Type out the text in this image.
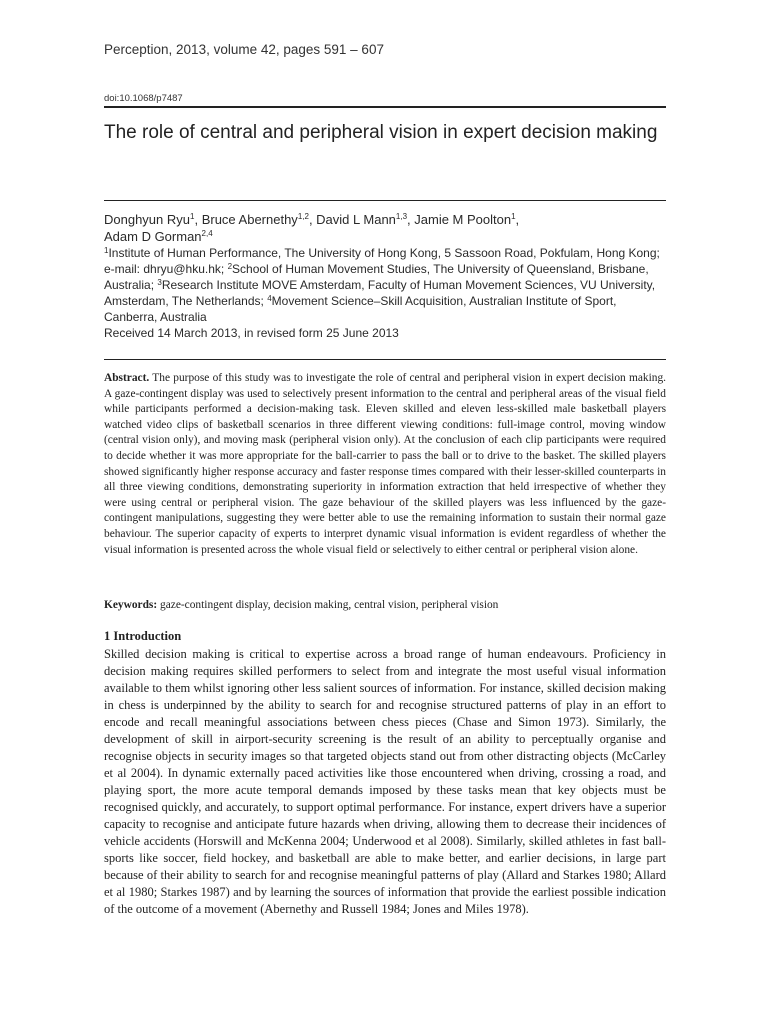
Perception, 2013, volume 42, pages 591 – 607
doi:10.1068/p7487
The role of central and peripheral vision in expert decision making
Donghyun Ryu$^1$, Bruce Abernethy$^{1,2}$, David L Mann$^{1,3}$, Jamie M Poolton$^1$,
Adam D Gorman$^{2,4}$
$^1$Institute of Human Performance, The University of Hong Kong, 5 Sassoon Road, Pokfulam, Hong Kong; e-mail: dhryu@hku.hk; $^2$School of Human Movement Studies, The University of Queensland, Brisbane, Australia; $^3$Research Institute MOVE Amsterdam, Faculty of Human Movement Sciences, VU University, Amsterdam, The Netherlands; $^4$Movement Science–Skill Acquisition, Australian Institute of Sport, Canberra, Australia
Received 14 March 2013, in revised form 25 June 2013

Abstract. The purpose of this study was to investigate the role of central and peripheral vision in expert decision making. A gaze-contingent display was used to selectively present information to the central and peripheral areas of the visual field while participants performed a decision-making task. Eleven skilled and eleven less-skilled male basketball players watched video clips of basketball scenarios in three different viewing conditions: full-image control, moving window (central vision only), and moving mask (peripheral vision only). At the conclusion of each clip participants were required to decide whether it was more appropriate for the ball-carrier to pass the ball or to drive to the basket. The skilled players showed significantly higher response accuracy and faster response times compared with their lesser-skilled counterparts in all three viewing conditions, demonstrating superiority in information extraction that held irrespective of whether they were using central or peripheral vision. The gaze behaviour of the skilled players was less influenced by the gaze-contingent manipulations, suggesting they were better able to use the remaining information to sustain their normal gaze behaviour. The superior capacity of experts to interpret dynamic visual information is evident regardless of whether the visual information is presented across the whole visual field or selectively to either central or peripheral vision alone.

Keywords: gaze-contingent display, decision making, central vision, peripheral vision

1 Introduction

Skilled decision making is critical to expertise across a broad range of human endeavours. Proficiency in decision making requires skilled performers to select from and integrate the most useful visual information available to them whilst ignoring other less salient sources of information. For instance, skilled decision making in chess is underpinned by the ability to search for and recognise structured patterns of play in an effort to encode and recall meaningful associations between chess pieces (Chase and Simon 1973). Similarly, the development of skill in airport-security screening is the result of an ability to perceptually organise and recognise objects in security images so that targeted objects stand out from other distracting objects (McCarley et al 2004). In dynamic externally paced activities like those encountered when driving, crossing a road, and playing sport, the more acute temporal demands imposed by these tasks mean that key objects must be recognised quickly, and accurately, to support optimal performance. For instance, expert drivers have a superior capacity to recognise and anticipate future hazards when driving, allowing them to decrease their incidences of vehicle accidents (Horswill and McKenna 2004; Underwood et al 2008). Similarly, skilled athletes in fast ball-sports like soccer, field hockey, and basketball are able to make better, and earlier decisions, in large part because of their ability to search for and recognise meaningful patterns of play (Allard and Starkes 1980; Allard et al 1980; Starkes 1987) and by learning the sources of information that provide the earliest possible indication of the outcome of a movement (Abernethy and Russell 1984; Jones and Miles 1978).
